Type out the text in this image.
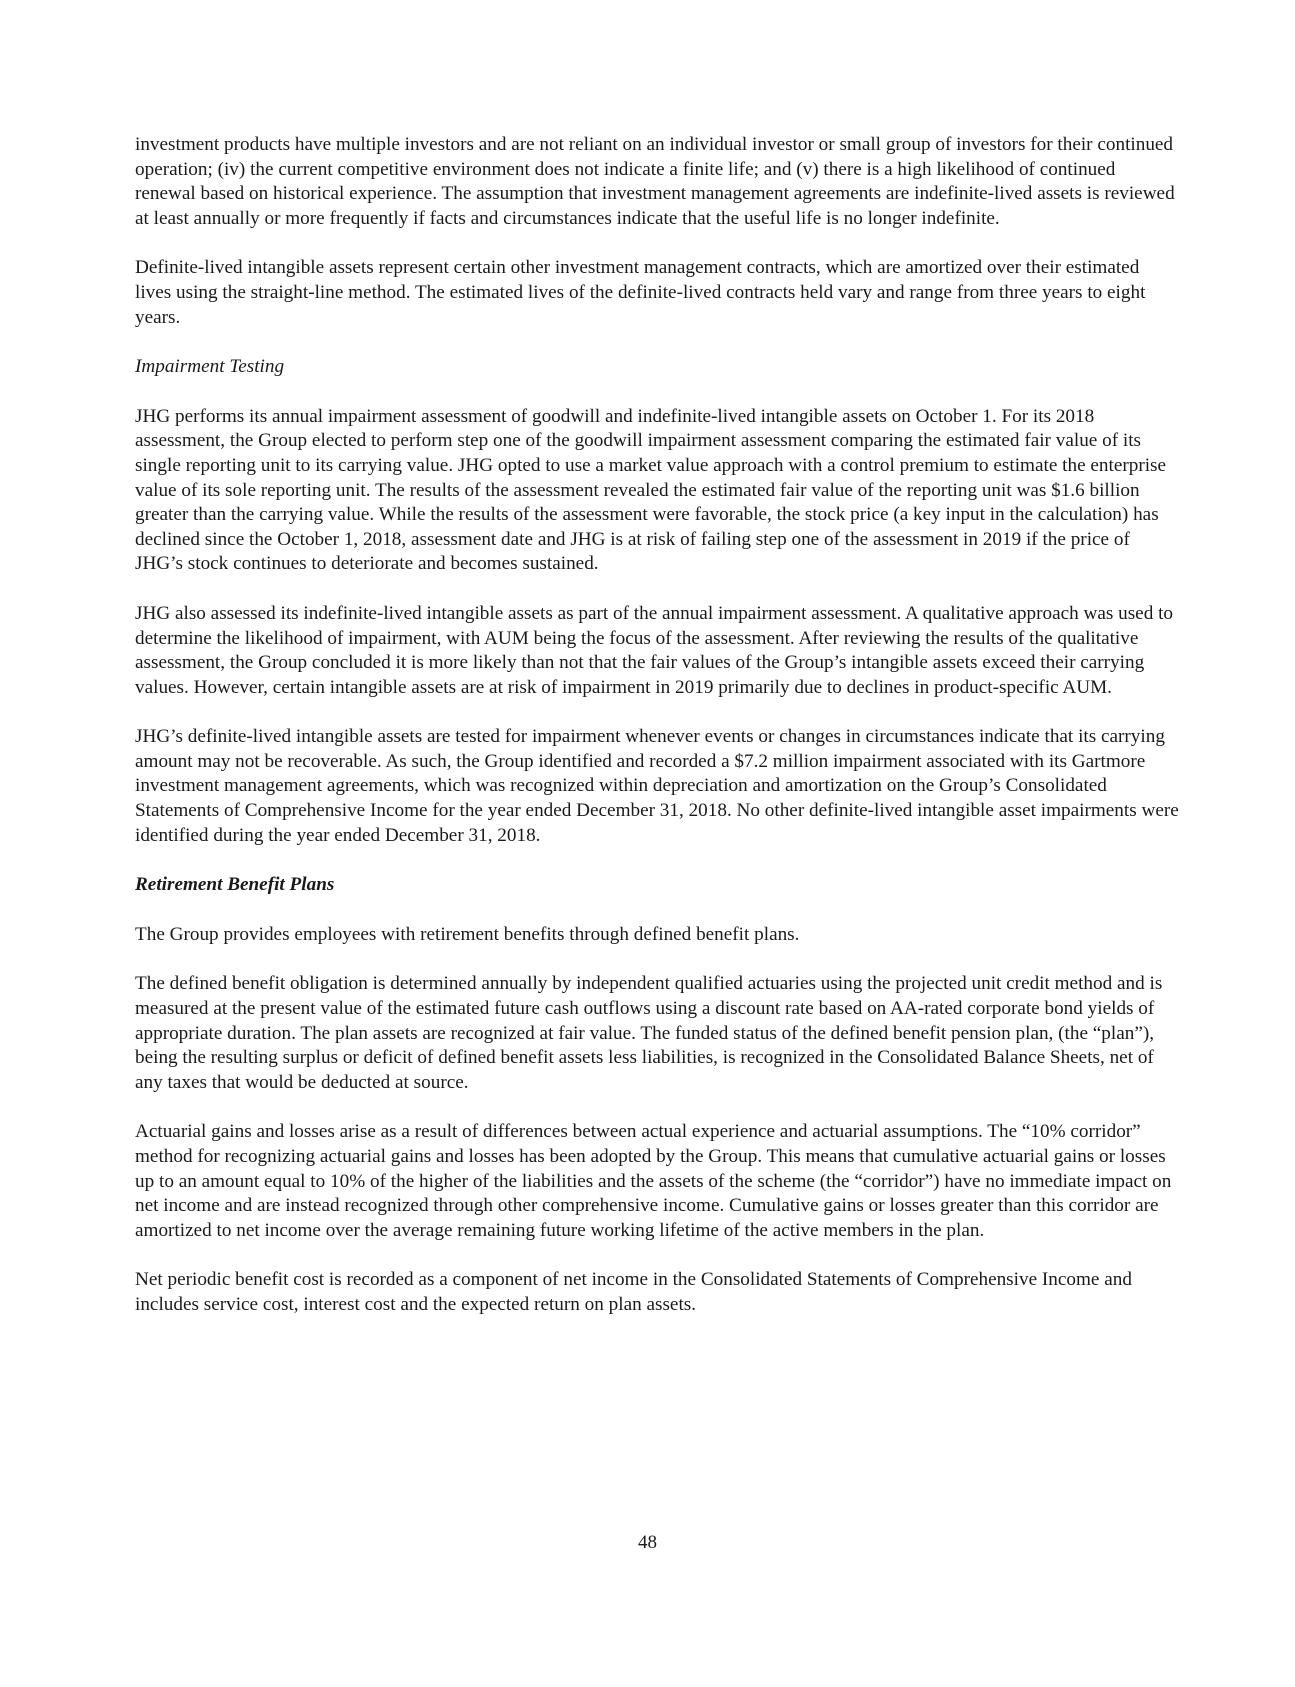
investment products have multiple investors and are not reliant on an individual investor or small group of investors for their continued operation; (iv) the current competitive environment does not indicate a finite life; and (v) there is a high likelihood of continued renewal based on historical experience. The assumption that investment management agreements are indefinite-lived assets is reviewed at least annually or more frequently if facts and circumstances indicate that the useful life is no longer indefinite.

Definite-lived intangible assets represent certain other investment management contracts, which are amortized over their estimated lives using the straight-line method. The estimated lives of the definite-lived contracts held vary and range from three years to eight years.

Impairment Testing

JHG performs its annual impairment assessment of goodwill and indefinite-lived intangible assets on October 1. For its 2018 assessment, the Group elected to perform step one of the goodwill impairment assessment comparing the estimated fair value of its single reporting unit to its carrying value. JHG opted to use a market value approach with a control premium to estimate the enterprise value of its sole reporting unit. The results of the assessment revealed the estimated fair value of the reporting unit was $1.6 billion greater than the carrying value. While the results of the assessment were favorable, the stock price (a key input in the calculation) has declined since the October 1, 2018, assessment date and JHG is at risk of failing step one of the assessment in 2019 if the price of JHG’s stock continues to deteriorate and becomes sustained.

JHG also assessed its indefinite-lived intangible assets as part of the annual impairment assessment. A qualitative approach was used to determine the likelihood of impairment, with AUM being the focus of the assessment. After reviewing the results of the qualitative assessment, the Group concluded it is more likely than not that the fair values of the Group’s intangible assets exceed their carrying values. However, certain intangible assets are at risk of impairment in 2019 primarily due to declines in product-specific AUM.

JHG’s definite-lived intangible assets are tested for impairment whenever events or changes in circumstances indicate that its carrying amount may not be recoverable. As such, the Group identified and recorded a $7.2 million impairment associated with its Gartmore investment management agreements, which was recognized within depreciation and amortization on the Group’s Consolidated Statements of Comprehensive Income for the year ended December 31, 2018. No other definite-lived intangible asset impairments were identified during the year ended December 31, 2018.

Retirement Benefit Plans

The Group provides employees with retirement benefits through defined benefit plans.

The defined benefit obligation is determined annually by independent qualified actuaries using the projected unit credit method and is measured at the present value of the estimated future cash outflows using a discount rate based on AA-rated corporate bond yields of appropriate duration. The plan assets are recognized at fair value. The funded status of the defined benefit pension plan, (the “plan”), being the resulting surplus or deficit of defined benefit assets less liabilities, is recognized in the Consolidated Balance Sheets, net of any taxes that would be deducted at source.

Actuarial gains and losses arise as a result of differences between actual experience and actuarial assumptions. The “10% corridor” method for recognizing actuarial gains and losses has been adopted by the Group. This means that cumulative actuarial gains or losses up to an amount equal to 10% of the higher of the liabilities and the assets of the scheme (the “corridor”) have no immediate impact on net income and are instead recognized through other comprehensive income. Cumulative gains or losses greater than this corridor are amortized to net income over the average remaining future working lifetime of the active members in the plan.

Net periodic benefit cost is recorded as a component of net income in the Consolidated Statements of Comprehensive Income and includes service cost, interest cost and the expected return on plan assets.

48
